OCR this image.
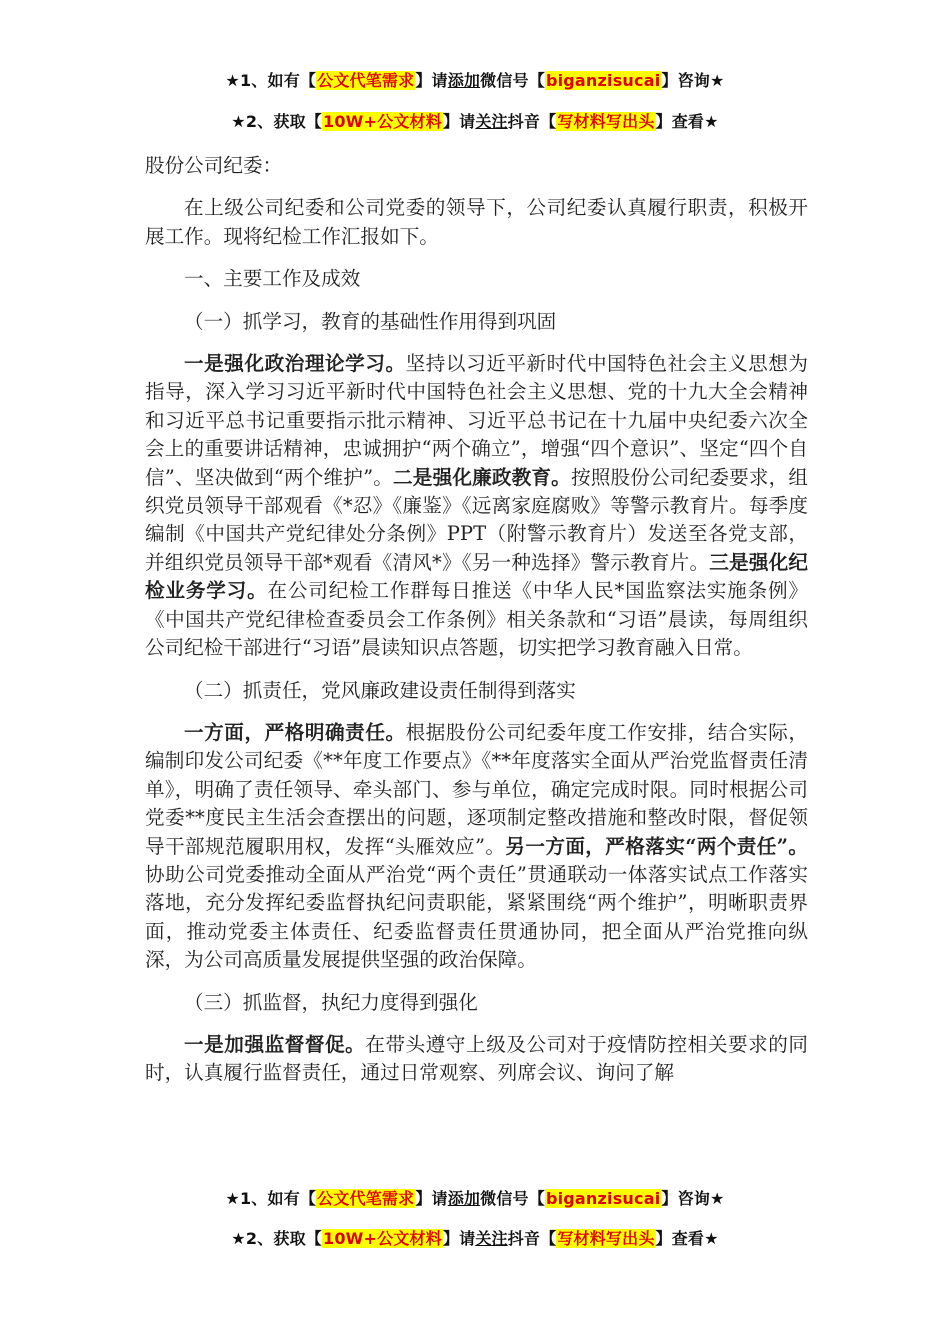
★1、如有【公文代笔需求】请添加微信号【biganzisucai】咨询★
★2、获取【10W+公文材料】请关注抖音【写材料写出头】查看★

股份公司纪委：

在上级公司纪委和公司党委的领导下，公司纪委认真履行职责，积极开展工作。现将纪检工作汇报如下。

一、主要工作及成效

（一）抓学习，教育的基础性作用得到巩固

一是强化政治理论学习。坚持以习近平新时代中国特色社会主义思想为指导，深入学习习近平新时代中国特色社会主义思想、党的十九大全会精神和习近平总书记重要指示批示精神、习近平总书记在十九届中央纪委六次全会上的重要讲话精神，忠诚拥护“两个确立”，增强“四个意识”、坚定“四个自信”、坚决做到“两个维护”。二是强化廉政教育。按照股份公司纪委要求，组织党员领导干部观看《*忍》《廉鉴》《远离家庭腐败》等警示教育片。每季度编制《中国共产党纪律处分条例》PPT（附警示教育片）发送至各党支部，并组织党员领导干部*观看《清风*》《另一种选择》警示教育片。三是强化纪检业务学习。在公司纪检工作群每日推送《中华人民*国监察法实施条例》《中国共产党纪律检查委员会工作条例》相关条款和“习语”晨读，每周组织公司纪检干部进行“习语”晨读知识点答题，切实把学习教育融入日常。

（二）抓责任，党风廉政建设责任制得到落实

一方面，严格明确责任。根据股份公司纪委年度工作安排，结合实际，编制印发公司纪委《**年度工作要点》《**年度落实全面从严治党监督责任清单》，明确了责任领导、牵头部门、参与单位，确定完成时限。同时根据公司党委**度民主生活会查摆出的问题，逐项制定整改措施和整改时限，督促领导干部规范履职用权，发挥“头雁效应”。另一方面，严格落实“两个责任”。协助公司党委推动全面从严治党“两个责任”贯通联动一体落实试点工作落实落地，充分发挥纪委监督执纪问责职能，紧紧围绕“两个维护”，明晰职责界面，推动党委主体责任、纪委监督责任贯通协同，把全面从严治党推向纵深，为公司高质量发展提供坚强的政治保障。

（三）抓监督，执纪力度得到强化

一是加强监督督促。在带头遵守上级及公司对于疫情防控相关要求的同时，认真履行监督责任，通过日常观察、列席会议、询问了解

★1、如有【公文代笔需求】请添加微信号【biganzisucai】咨询★
★2、获取【10W+公文材料】请关注抖音【写材料写出头】查看★
